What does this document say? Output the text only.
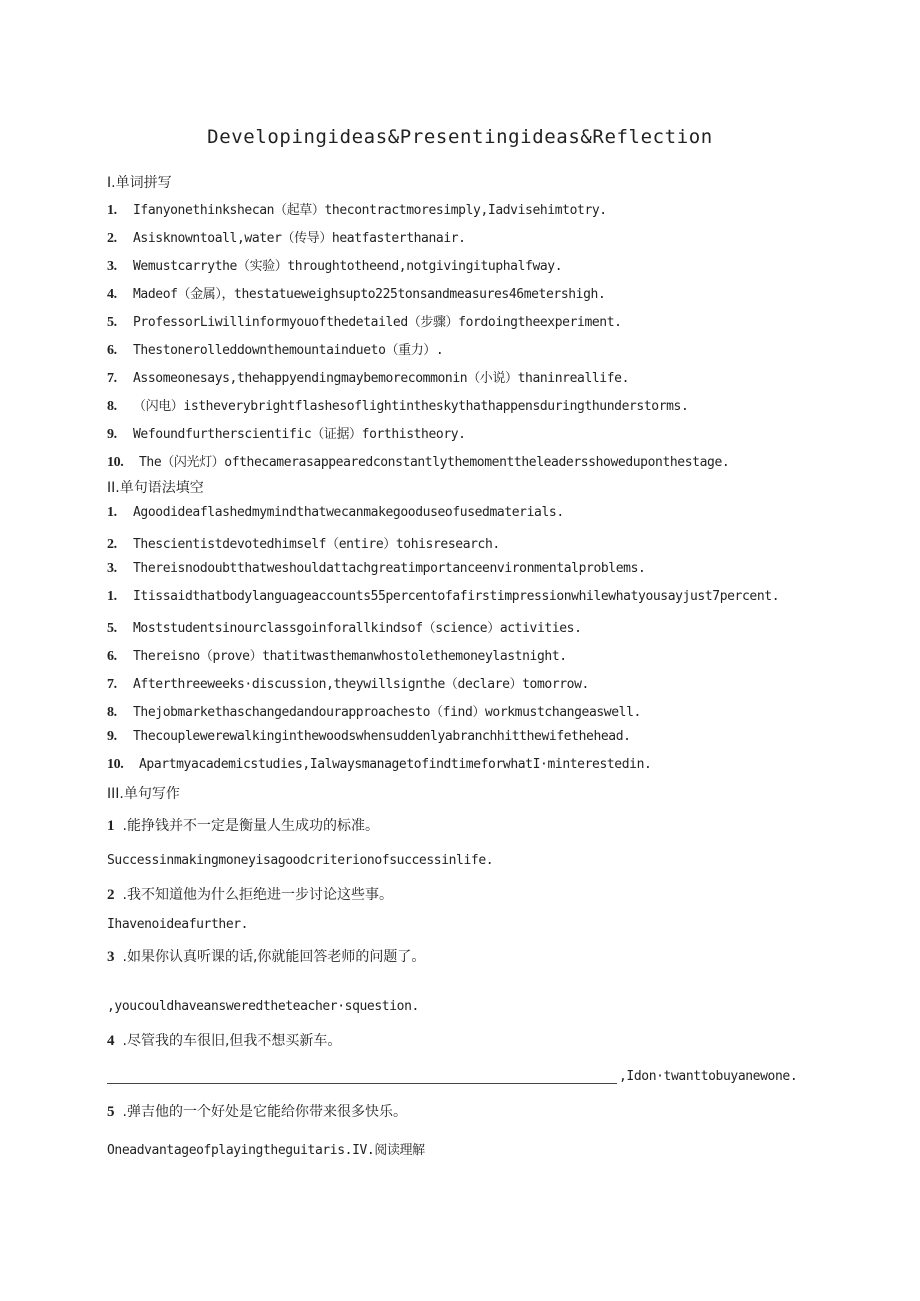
Developingideas&Presentingideas&Reflection
I.单词拼写
1. Ifanyonethinkshecan（起草）thecontractmoresimply,Iadvisehimtotry.
2. Asisknowntoall,water（传导）heatfasterthanair.
3. Wemustcarrythe（实验）throughtotheend,notgivingituphalfway.
4. Madeof（金属），thestatueweighsupto225tonsandmeasures46metershigh.
5. ProfessorLiwillinformyouofthedetailed（步骤）fordoingtheexperiment.
6. Thestonerolleddownthemountaindueto（重力）.
7. Assomeonesays,thehappyendingmaybemorecommonin（小说）thaninreallife.
8. （闪电）istheverybrightflashesoflightintheskythathappensduringthunderstorms.
9. Wefoundfurtherscientific（证据）forthistheory.
10. The（闪光灯）ofthecamerasappearedconstantlythemomenttheleadersshoweduponthestage.
II.单句语法填空
1. Agoodideaflashedmymindthatwecanmakegooduseofusedmaterials.
2. Thescientistdevotedhimself（entire）tohisresearch.
3. Thereisnodoubtthatweshouldattachgreatimportanceenvironmentalproblems.
1. Itissaidthatbodylanguageaccounts55percentofafirstimpressionwhilewhatyousayjust7percent.
5. Moststudentsinourclassgoinforallkindsof（science）activities.
6. Thereisno（prove）thatitwasthemanwhostolethemoneylastnight.
7. Afterthreeweeks·discussion,theywillsignthe（declare）tomorrow.
8. Thejobmarkethaschangedandourapproachesto（find）workmustchangeaswell.
9. Thecouplewerewalkinginthewoodswhensuddenlyabranchhitthewifethehead.
10. Apartmyacademicstudies,IalwaysmanagetofindtimeforwhatI·minterestedin.
III.单句写作
1 .能挣钱并不一定是衡量人生成功的标准。
Successinmakingmoneyisagoodcriterionofsuccessinlife.
2 .我不知道他为什么拒绝进一步讨论这些事。
Ihavenoideafurther.
3 .如果你认真听课的话,你就能回答老师的问题了。
,youcouldhaveansweredtheteacher·squestion.
4 .尽管我的车很旧,但我不想买新车。
,Idon·twanttobuyanewone.
5 .弹吉他的一个好处是它能给你带来很多快乐。
Oneadvantageofplayingtheguitaris.IV.阅读理解
